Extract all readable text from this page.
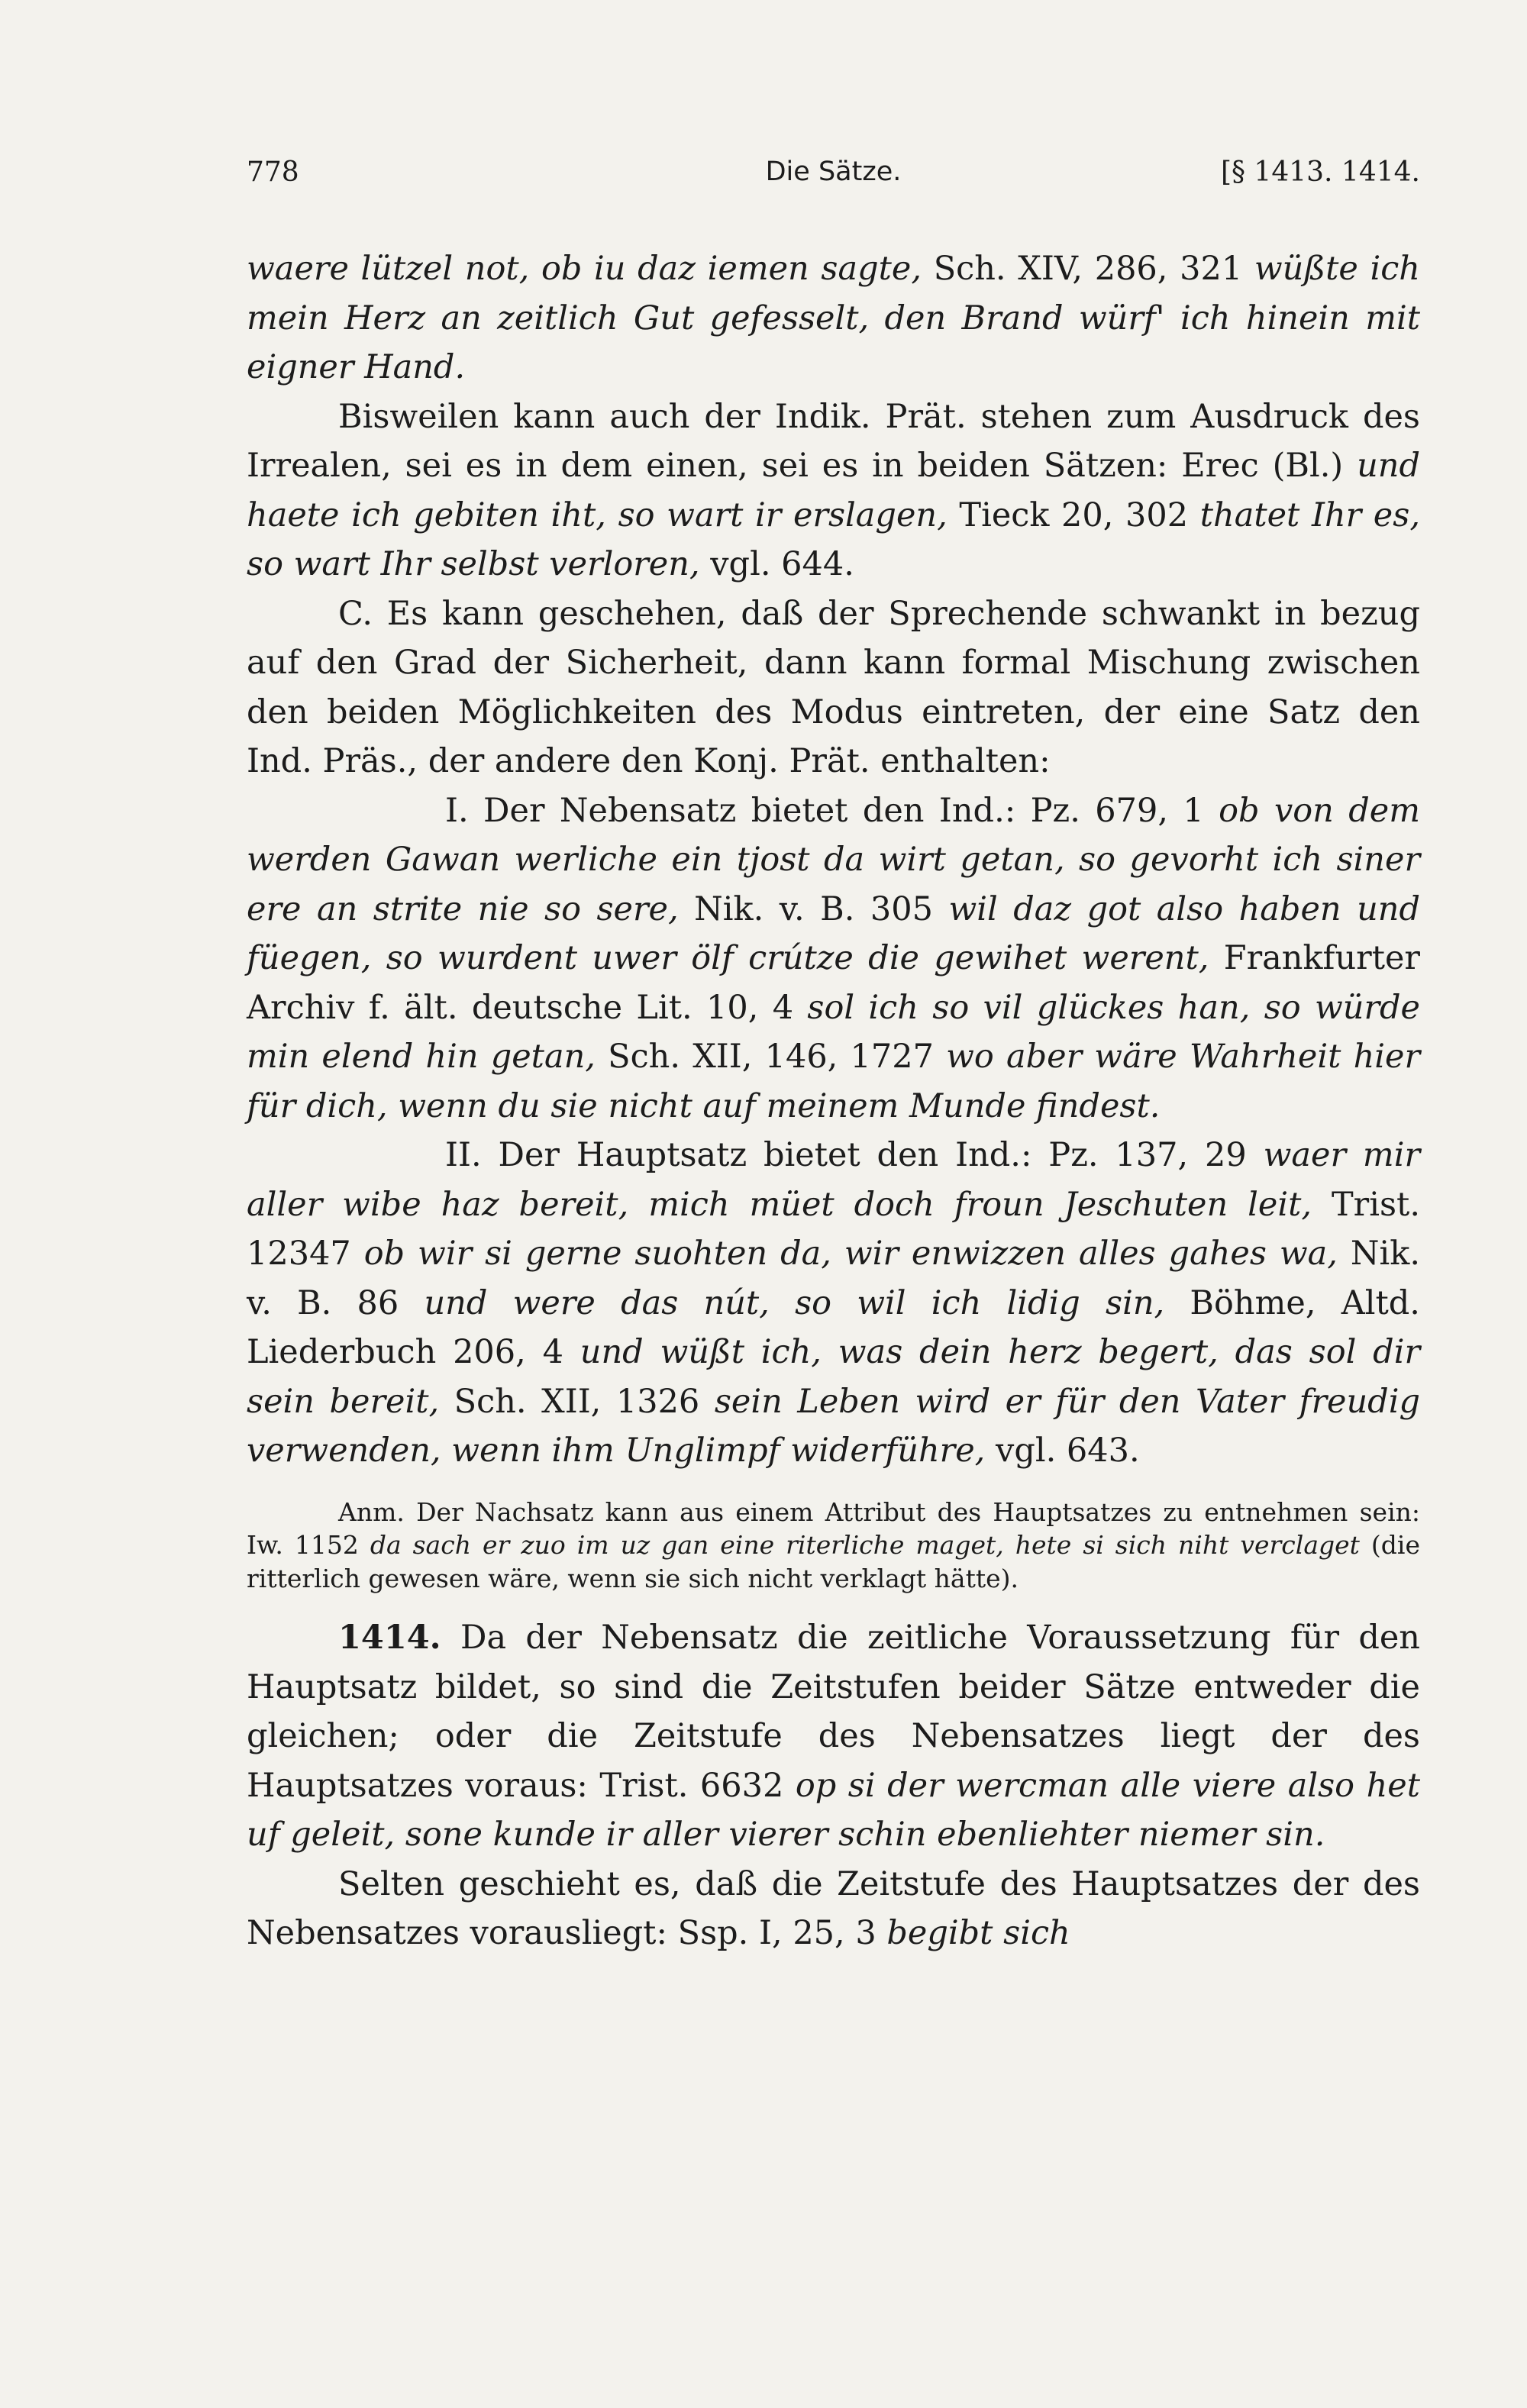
778	Die Sätze.	[§ 1413. 1414.

waere lützel not, ob iu daz iemen sagte, Sch. XIV, 286, 321 wüßte ich mein Herz an zeitlich Gut gefesselt, den Brand würf' ich hinein mit eigner Hand.

Bisweilen kann auch der Indik. Prät. stehen zum Ausdruck des Irrealen, sei es in dem einen, sei es in beiden Sätzen: Erec (Bl.) und haete ich gebiten iht, so wart ir erslagen, Tieck 20, 302 thatet Ihr es, so wart Ihr selbst verloren, vgl. 644.

C. Es kann geschehen, daß der Sprechende schwankt in bezug auf den Grad der Sicherheit, dann kann formal Mischung zwischen den beiden Möglichkeiten des Modus eintreten, der eine Satz den Ind. Präs., der andere den Konj. Prät. enthalten:

I. Der Nebensatz bietet den Ind.: Pz. 679, 1 ob von dem werden Gawan werliche ein tjost da wirt getan, so gevorht ich siner ere an strite nie so sere, Nik. v. B. 305 wil daz got also haben und füegen, so wurdent uwer ölf crútze die gewihet werent, Frankfurter Archiv f. ält. deutsche Lit. 10, 4 sol ich so vil glückes han, so würde min elend hin getan, Sch. XII, 146, 1727 wo aber wäre Wahrheit hier für dich, wenn du sie nicht auf meinem Munde findest.

II. Der Hauptsatz bietet den Ind.: Pz. 137, 29 waer mir aller wibe haz bereit, mich müet doch froun Jeschuten leit, Trist. 12347 ob wir si gerne suohten da, wir enwizzen alles gahes wa, Nik. v. B. 86 und were das nút, so wil ich lidig sin, Böhme, Altd. Liederbuch 206, 4 und wüßt ich, was dein herz begert, das sol dir sein bereit, Sch. XII, 1326 sein Leben wird er für den Vater freudig verwenden, wenn ihm Unglimpf widerführe, vgl. 643.

Anm. Der Nachsatz kann aus einem Attribut des Hauptsatzes zu entnehmen sein: Iw. 1152 da sach er zuo im uz gan eine riterliche maget, hete si sich niht verclaget (die ritterlich gewesen wäre, wenn sie sich nicht verklagt hätte).

1414. Da der Nebensatz die zeitliche Voraussetzung für den Hauptsatz bildet, so sind die Zeitstufen beider Sätze entweder die gleichen; oder die Zeitstufe des Nebensatzes liegt der des Hauptsatzes voraus: Trist. 6632 op si der wercman alle viere also het uf geleit, sone kunde ir aller vierer schin ebenliehter niemer sin.

Selten geschieht es, daß die Zeitstufe des Hauptsatzes der des Nebensatzes vorausliegt: Ssp. I, 25, 3 begibt sich
